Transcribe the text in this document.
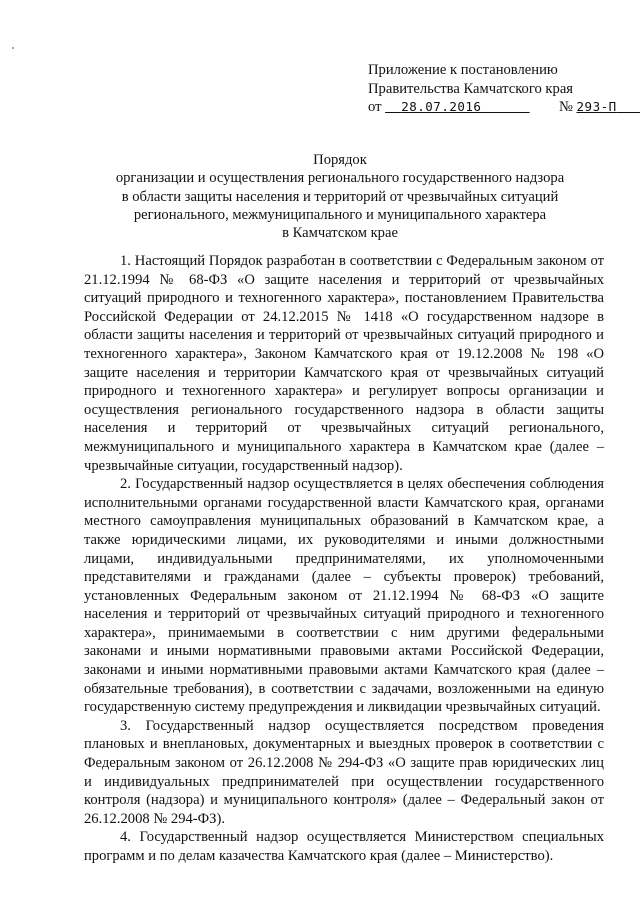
Приложение к постановлению
Правительства Камчатского края
от 28.07.2016	№ 293-П
Порядок
организации и осуществления регионального государственного надзора
в области защиты населения и территорий от чрезвычайных ситуаций
регионального, межмуниципального и муниципального характера
в Камчатском крае

1. Настоящий Порядок разработан в соответствии с Федеральным законом от 21.12.1994 № 68-ФЗ «О защите населения и территорий от чрезвычайных ситуаций природного и техногенного характера», постановлением Правительства Российской Федерации от 24.12.2015 № 1418 «О государственном надзоре в области защиты населения и территорий от чрезвычайных ситуаций природного и техногенного характера», Законом Камчатского края от 19.12.2008 № 198 «О защите населения и территории Камчатского края от чрезвычайных ситуаций природного и техногенного характера» и регулирует вопросы организации и осуществления регионального государственного надзора в области защиты населения и территорий от чрезвычайных ситуаций регионального, межмуниципального и муниципального характера в Камчатском крае (далее – чрезвычайные ситуации, государственный надзор).

2. Государственный надзор осуществляется в целях обеспечения соблюдения исполнительными органами государственной власти Камчатского края, органами местного самоуправления муниципальных образований в Камчатском крае, а также юридическими лицами, их руководителями и иными должностными лицами, индивидуальными предпринимателями, их уполномоченными представителями и гражданами (далее – субъекты проверок) требований, установленных Федеральным законом от 21.12.1994 № 68-ФЗ «О защите населения и территорий от чрезвычайных ситуаций природного и техногенного характера», принимаемыми в соответствии с ним другими федеральными законами и иными нормативными правовыми актами Российской Федерации, законами и иными нормативными правовыми актами Камчатского края (далее – обязательные требования), в соответствии с задачами, возложенными на единую государственную систему предупреждения и ликвидации чрезвычайных ситуаций.

3. Государственный надзор осуществляется посредством проведения плановых и внеплановых, документарных и выездных проверок в соответствии с Федеральным законом от 26.12.2008 № 294-ФЗ «О защите прав юридических лиц и индивидуальных предпринимателей при осуществлении государственного контроля (надзора) и муниципального контроля» (далее – Федеральный закон от 26.12.2008 № 294-ФЗ).

4. Государственный надзор осуществляется Министерством специальных программ и по делам казачества Камчатского края (далее – Министерство).
